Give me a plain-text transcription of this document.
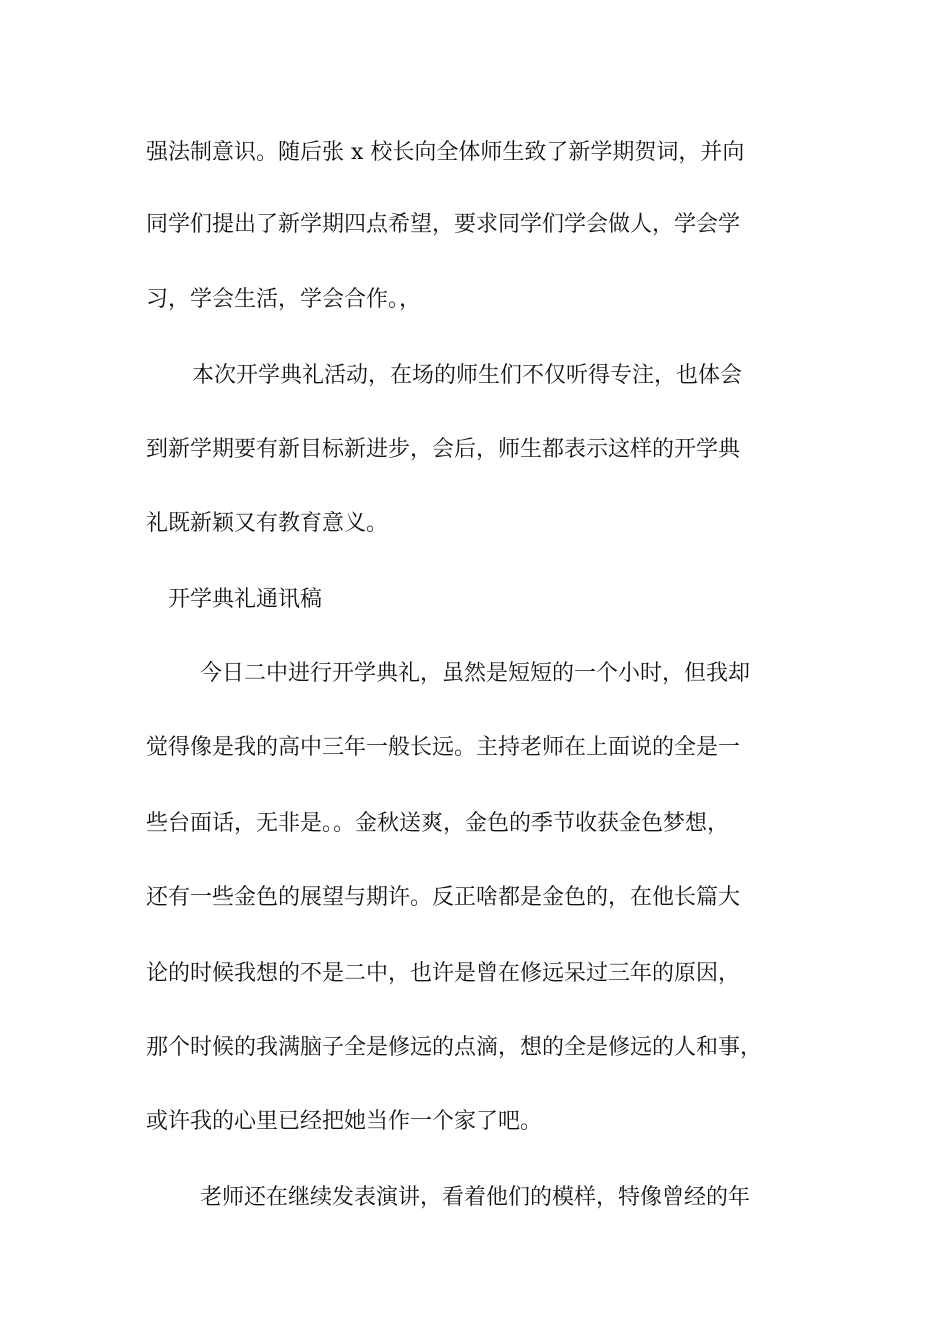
强法制意识。随后张 x 校长向全体师生致了新学期贺词，并向
同学们提出了新学期四点希望，要求同学们学会做人，学会学
习，学会生活，学会合作。，
本次开学典礼活动，在场的师生们不仅听得专注，也体会
到新学期要有新目标新进步，会后，师生都表示这样的开学典
礼既新颖又有教育意义。
开学典礼通讯稿
今日二中进行开学典礼，虽然是短短的一个小时，但我却
觉得像是我的高中三年一般长远。主持老师在上面说的全是一
些台面话，无非是。。金秋送爽，金色的季节收获金色梦想，
还有一些金色的展望与期许。反正啥都是金色的，在他长篇大
论的时候我想的不是二中，也许是曾在修远呆过三年的原因，
那个时候的我满脑子全是修远的点滴，想的全是修远的人和事，
或许我的心里已经把她当作一个家了吧。
老师还在继续发表演讲，看着他们的模样，特像曾经的年
